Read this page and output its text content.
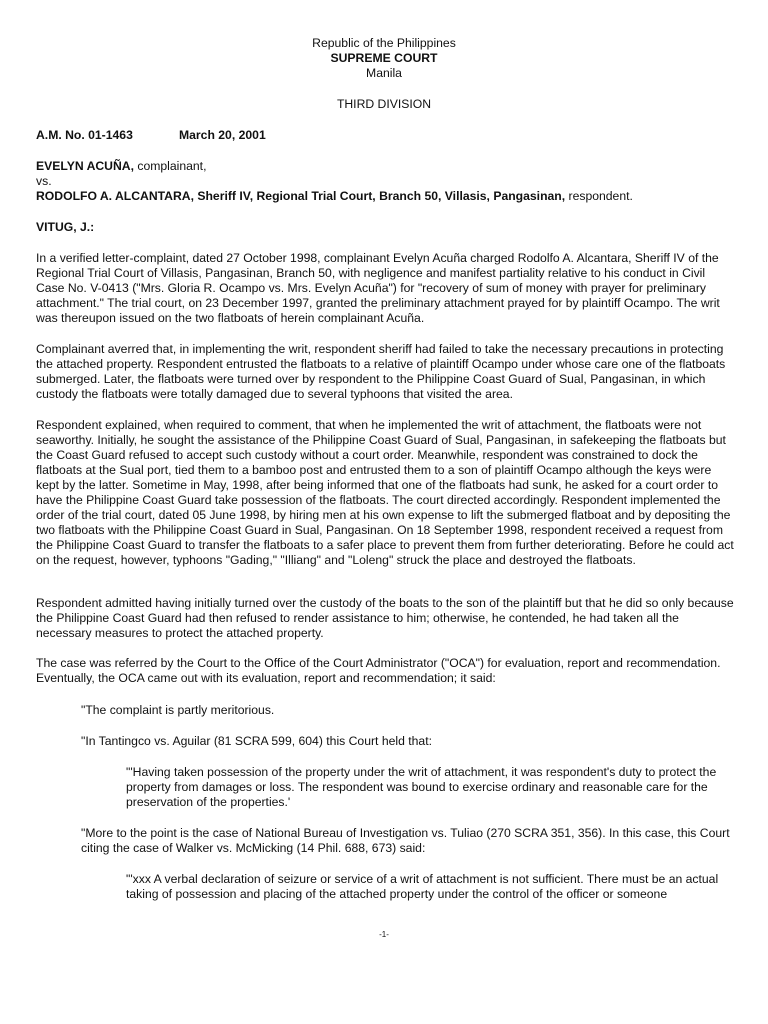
Republic of the Philippines
SUPREME COURT
Manila
THIRD DIVISION
A.M. No. 01-1463	March 20, 2001
EVELYN ACUÑA, complainant,
vs.
RODOLFO A. ALCANTARA, Sheriff IV, Regional Trial Court, Branch 50, Villasis, Pangasinan, respondent.
VITUG, J.:

In a verified letter-complaint, dated 27 October 1998, complainant Evelyn Acuña charged Rodolfo A. Alcantara, Sheriff IV of the Regional Trial Court of Villasis, Pangasinan, Branch 50, with negligence and manifest partiality relative to his conduct in Civil Case No. V-0413 ("Mrs. Gloria R. Ocampo vs. Mrs. Evelyn Acuña") for "recovery of sum of money with prayer for preliminary attachment." The trial court, on 23 December 1997, granted the preliminary attachment prayed for by plaintiff Ocampo. The writ was thereupon issued on the two flatboats of herein complainant Acuña.

Complainant averred that, in implementing the writ, respondent sheriff had failed to take the necessary precautions in protecting the attached property. Respondent entrusted the flatboats to a relative of plaintiff Ocampo under whose care one of the flatboats submerged. Later, the flatboats were turned over by respondent to the Philippine Coast Guard of Sual, Pangasinan, in which custody the flatboats were totally damaged due to several typhoons that visited the area.

Respondent explained, when required to comment, that when he implemented the writ of attachment, the flatboats were not seaworthy. Initially, he sought the assistance of the Philippine Coast Guard of Sual, Pangasinan, in safekeeping the flatboats but the Coast Guard refused to accept such custody without a court order. Meanwhile, respondent was constrained to dock the flatboats at the Sual port, tied them to a bamboo post and entrusted them to a son of plaintiff Ocampo although the keys were kept by the latter. Sometime in May, 1998, after being informed that one of the flatboats had sunk, he asked for a court order to have the Philippine Coast Guard take possession of the flatboats. The court directed accordingly. Respondent implemented the order of the trial court, dated 05 June 1998, by hiring men at his own expense to lift the submerged flatboat and by depositing the two flatboats with the Philippine Coast Guard in Sual, Pangasinan. On 18 September 1998, respondent received a request from the Philippine Coast Guard to transfer the flatboats to a safer place to prevent them from further deteriorating. Before he could act on the request, however, typhoons "Gading," "Illiang" and "Loleng" struck the place and destroyed the flatboats.

Respondent admitted having initially turned over the custody of the boats to the son of the plaintiff but that he did so only because the Philippine Coast Guard had then refused to render assistance to him; otherwise, he contended, he had taken all the necessary measures to protect the attached property.

The case was referred by the Court to the Office of the Court Administrator ("OCA") for evaluation, report and recommendation. Eventually, the OCA came out with its evaluation, report and recommendation; it said:

"The complaint is partly meritorious.

"In Tantingco vs. Aguilar (81 SCRA 599, 604) this Court held that:

"'Having taken possession of the property under the writ of attachment, it was respondent's duty to protect the property from damages or loss. The respondent was bound to exercise ordinary and reasonable care for the preservation of the properties.'

"More to the point is the case of National Bureau of Investigation vs. Tuliao (270 SCRA 351, 356). In this case, this Court citing the case of Walker vs. McMicking (14 Phil. 688, 673) said:

"'xxx A verbal declaration of seizure or service of a writ of attachment is not sufficient. There must be an actual taking of possession and placing of the attached property under the control of the officer or someone

-1-
